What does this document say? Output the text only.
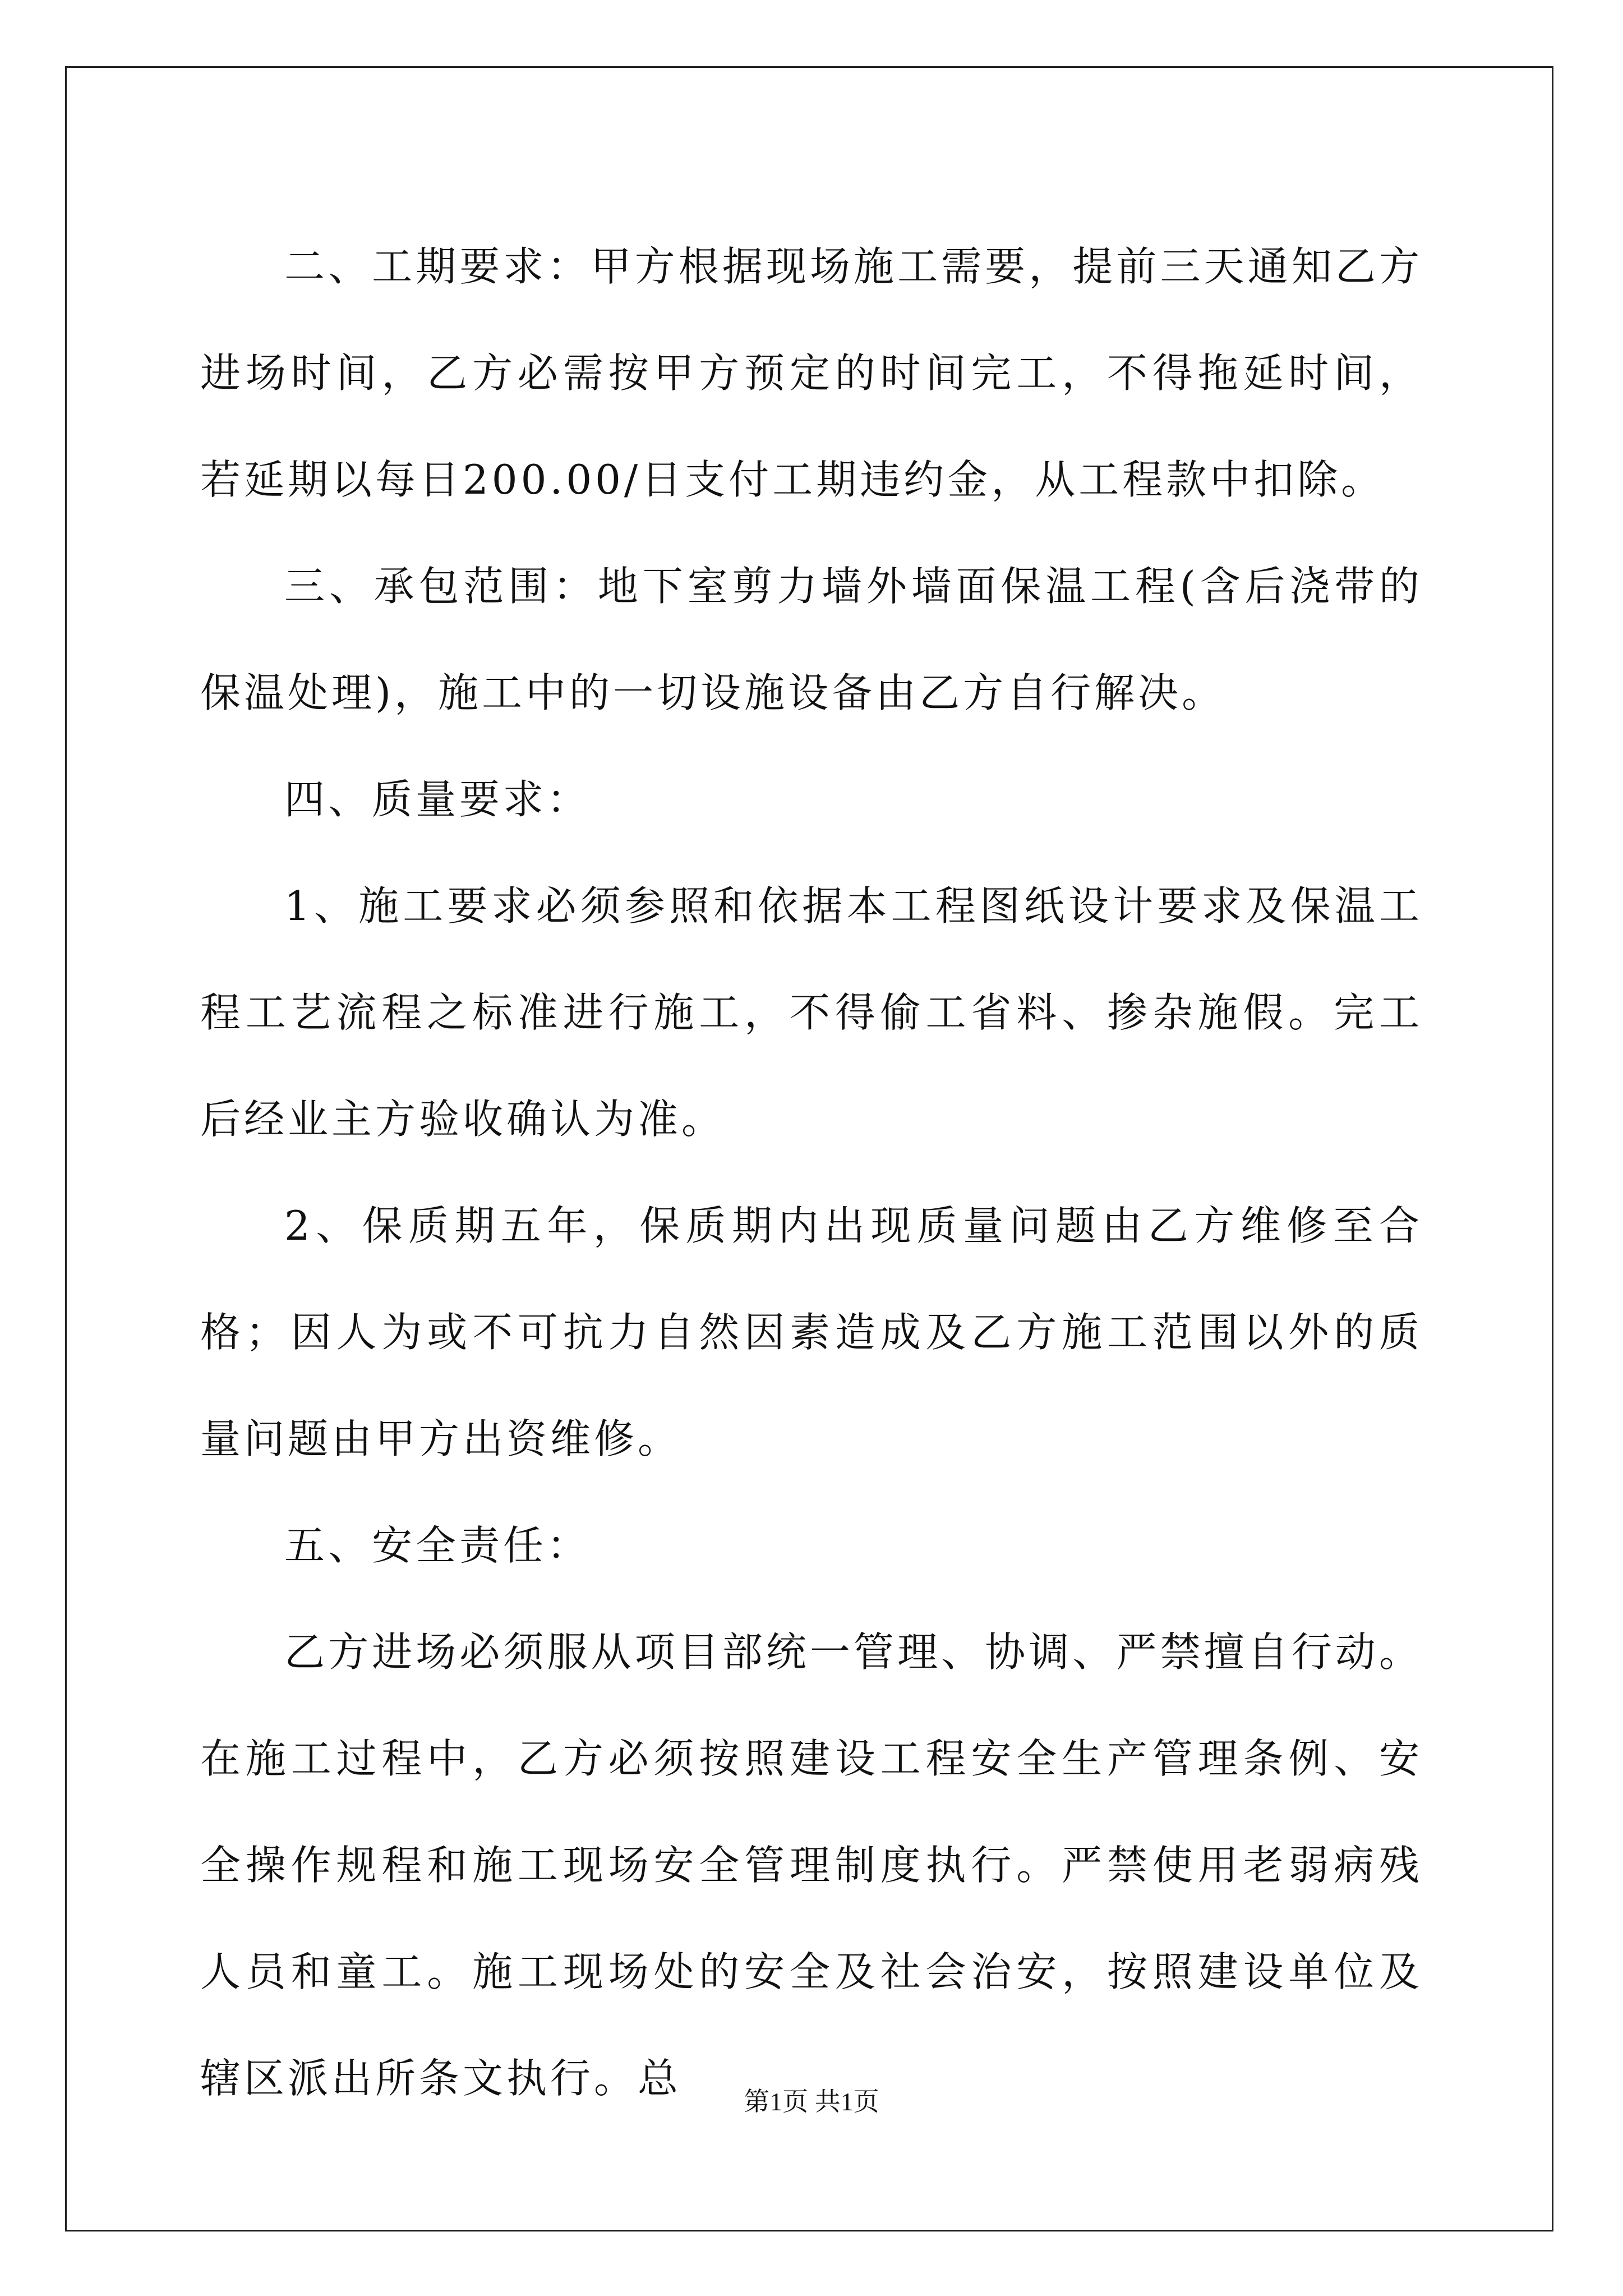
二、工期要求：甲方根据现场施工需要，提前三天通知乙方进场时间，乙方必需按甲方预定的时间完工，不得拖延时间，若延期以每日200.00/日支付工期违约金，从工程款中扣除。

三、承包范围：地下室剪力墙外墙面保温工程(含后浇带的保温处理)，施工中的一切设施设备由乙方自行解决。

四、质量要求：

1、施工要求必须参照和依据本工程图纸设计要求及保温工程工艺流程之标准进行施工，不得偷工省料、掺杂施假。完工后经业主方验收确认为准。

2、保质期五年，保质期内出现质量问题由乙方维修至合格；因人为或不可抗力自然因素造成及乙方施工范围以外的质量问题由甲方出资维修。

五、安全责任：

乙方进场必须服从项目部统一管理、协调、严禁擅自行动。在施工过程中，乙方必须按照建设工程安全生产管理条例、安全操作规程和施工现场安全管理制度执行。严禁使用老弱病残人员和童工。施工现场处的安全及社会治安，按照建设单位及辖区派出所条文执行。总	第1页 共1页
